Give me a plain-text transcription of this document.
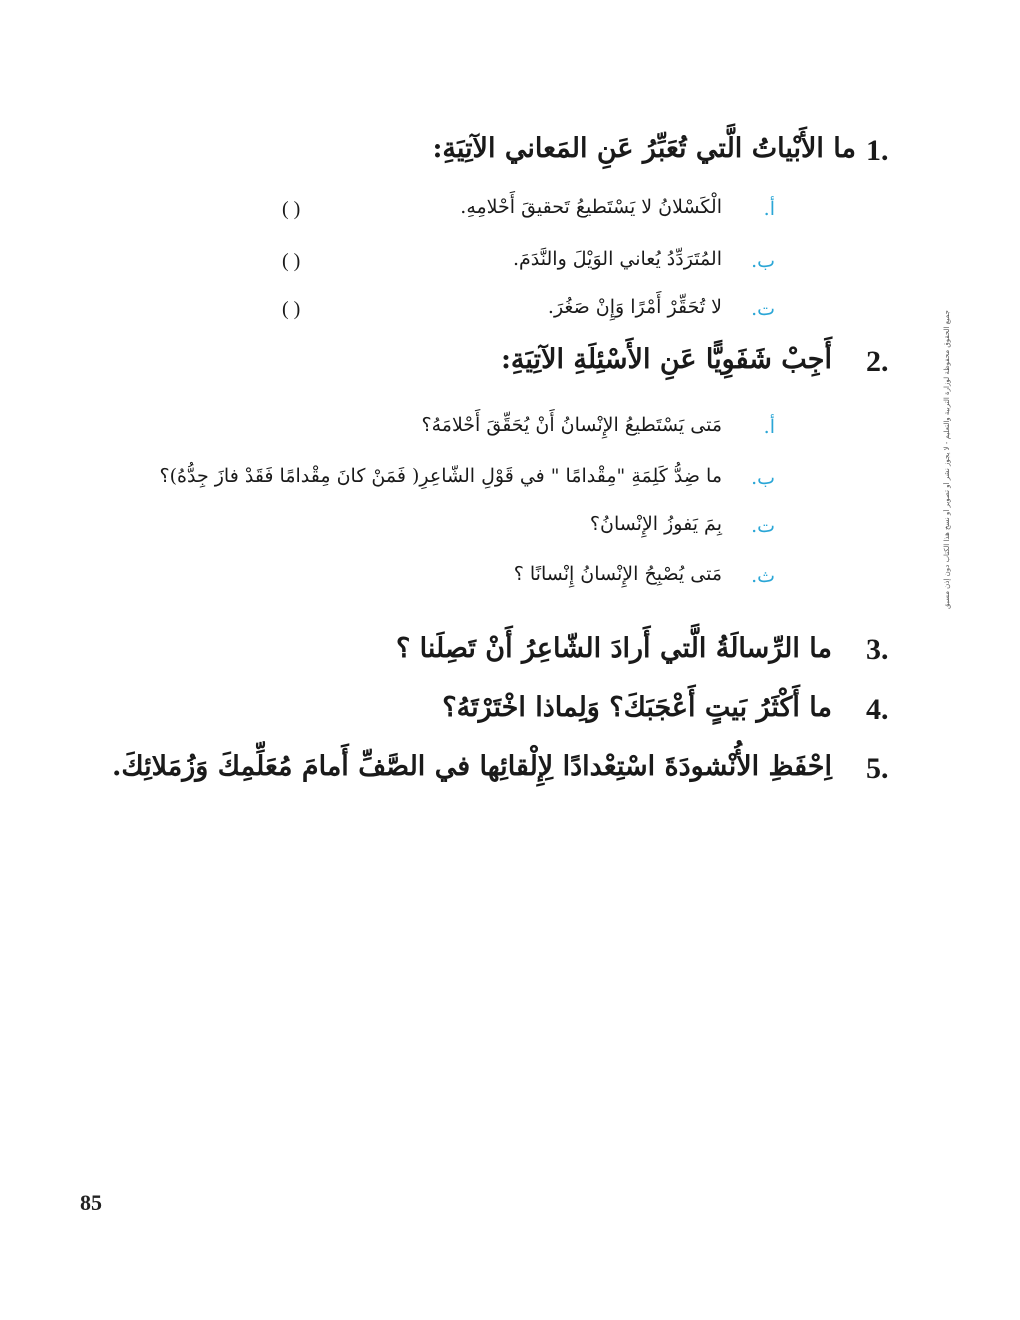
1.
ما الأَبْياتُ الَّتي تُعَبِّرُ عَنِ المَعاني الآتِيَةِ:
أ.
الْكَسْلانُ لا يَسْتَطيعُ تَحقيقَ أَحْلامِهِ.
( )
ب.
المُتَرَدِّدُ يُعاني الوَيْلَ والنَّدَمَ.
( )
ت.
لا تُحَقِّرْ أَمْرًا وَإِنْ صَغُرَ.
( )
2.
أَجِبْ شَفَوِيًّا عَنِ الأَسْئِلَةِ الآتِيَةِ:
أ.
مَتى يَسْتَطيعُ الإِنْسانُ أَنْ يُحَقِّقَ أَحْلامَهُ؟
ب.
ما ضِدُّ كَلِمَةِ "مِقْدامًا " في قَوْلِ الشّاعِرِ( فَمَنْ كانَ مِقْدامًا فَقَدْ فازَ جِدُّهُ)؟
ت.
بِمَ يَفوزُ الإِنْسانُ؟
ث.
مَتى يُصْبِحُ الإِنْسانُ إِنْسانًا ؟
3.
ما الرِّسالَةُ الَّتي أَرادَ الشّاعِرُ أَنْ تَصِلَنا ؟
4.
ما أَكْثَرُ بَيتٍ أَعْجَبَكَ؟ وَلِماذا اخْتَرْتَهُ؟
5.
اِحْفَظِ الأُنْشودَةَ اسْتِعْدادًا لِإِلْقائِها في الصَّفِّ أَمامَ مُعَلِّمِكَ وَزُمَلائِكَ.
جميع الحقوق محفوظة لوزارة التربية والتعليم - لا يجوز نشر أو تصوير أو نسخ هذا الكتاب دون إذن مسبق
85
